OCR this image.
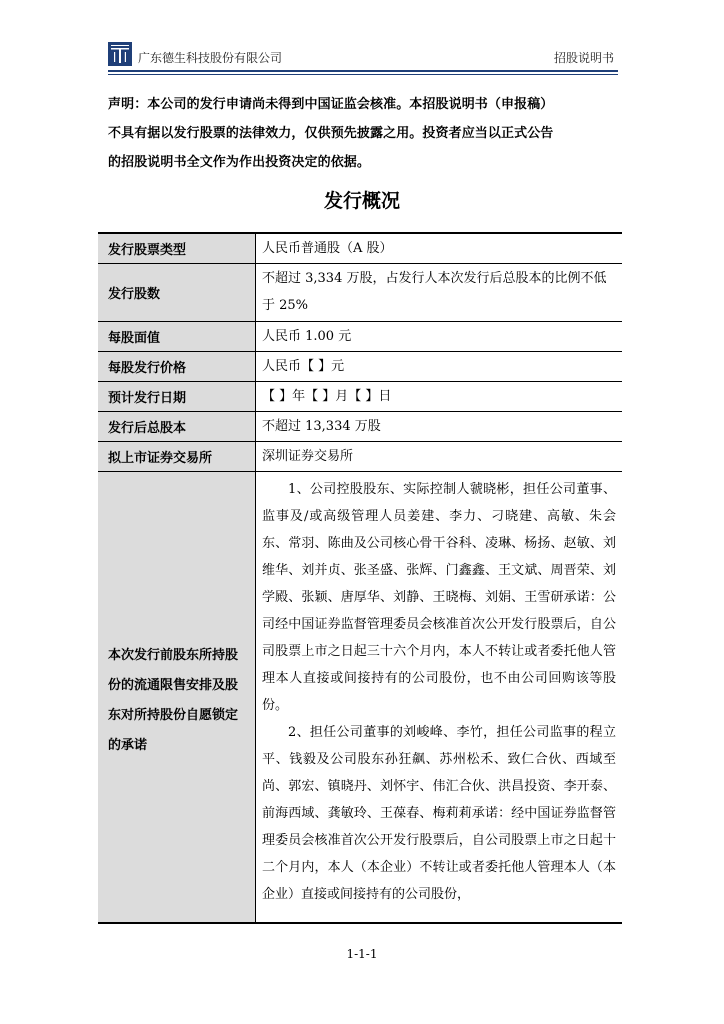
广东德生科技股份有限公司	招股说明书
声明：本公司的发行申请尚未得到中国证监会核准。本招股说明书（申报稿）
不具有据以发行股票的法律效力，仅供预先披露之用。投资者应当以正式公告
的招股说明书全文作为作出投资决定的依据。
发行概况
发行股票类型	人民币普通股（A 股）
发行股数	不超过 3,334 万股，占发行人本次发行后总股本的比例不低于 25%
每股面值	人民币 1.00 元
每股发行价格	人民币【 】元
预计发行日期	【 】年【 】月【 】日
发行后总股本	不超过 13,334 万股
拟上市证券交易所	深圳证券交易所
本次发行前股东所持股份的流通限售安排及股东对所持股份自愿锁定的承诺	1、公司控股股东、实际控制人虢晓彬，担任公司董事、监事及/或高级管理人员姜建、李力、刁晓建、高敏、朱会东、常羽、陈曲及公司核心骨干谷科、凌琳、杨扬、赵敏、刘维华、刘并贞、张圣盛、张辉、门鑫鑫、王文斌、周晋荣、刘学殿、张颖、唐厚华、刘静、王晓梅、刘娟、王雪研承诺：公司经中国证券监督管理委员会核准首次公开发行股票后，自公司股票上市之日起三十六个月内，本人不转让或者委托他人管理本人直接或间接持有的公司股份，也不由公司回购该等股份。

2、担任公司董事的刘峻峰、李竹，担任公司监事的程立平、钱毅及公司股东孙狂飙、苏州松禾、致仁合伙、西域至尚、郭宏、镇晓丹、刘怀宇、伟汇合伙、洪昌投资、李开泰、前海西域、龚敏玲、王葆春、梅莉莉承诺：经中国证券监督管理委员会核准首次公开发行股票后，自公司股票上市之日起十二个月内，本人（本企业）不转让或者委托他人管理本人（本企业）直接或间接持有的公司股份，

1-1-1
